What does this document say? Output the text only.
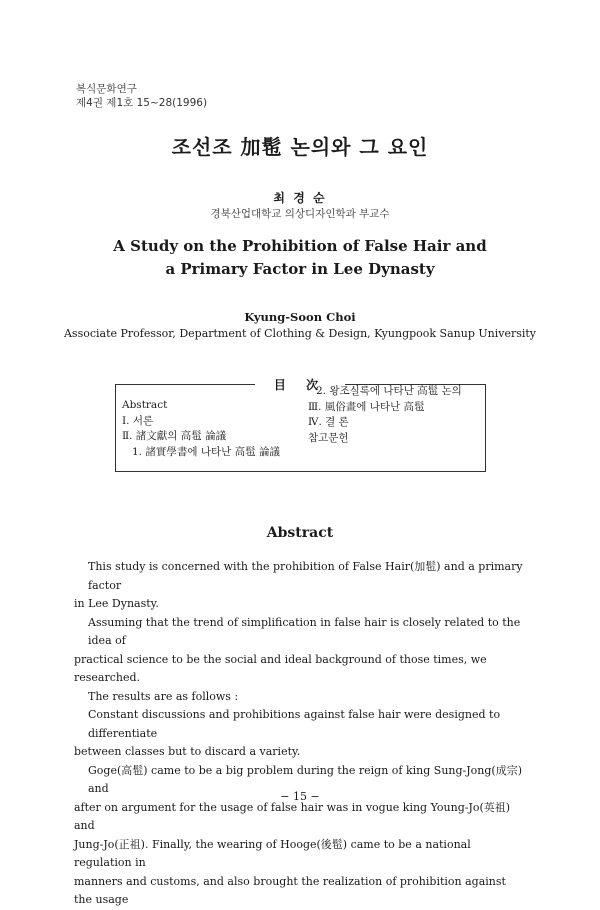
복식문화연구
제4권 제1호 15~28(1996)
조선조 加髢 논의와 그 요인
최 경 순
경북산업대학교 의상디자인학과 부교수
A Study on the Prohibition of False Hair and
a Primary Factor in Lee Dynasty
Kyung-Soon Choi
Associate Professor, Department of Clothing & Design, Kyungpook Sanup University
目 次
Abstract
Ⅰ. 서론
Ⅱ. 諸文獻의 高髢 論議
1. 諸實學書에 나타난 高髢 論議
2. 왕조실록에 나타난 高髢 논의
Ⅲ. 風俗畫에 나타난 高髢
Ⅳ. 결 론
참고문헌
Abstract

This study is concerned with the prohibition of False Hair(加髢) and a primary factor
in Lee Dynasty.
Assuming that the trend of simplification in false hair is closely related to the idea of
practical science to be the social and ideal background of those times, we researched.
The results are as follows :
Constant discussions and prohibitions against false hair were designed to differentiate
between classes but to discard a variety.
Goge(高髢) came to be a big problem during the reign of king Sung-Jong(成宗) and
after on argument for the usage of false hair was in vogue king Young-Jo(英祖) and
Jung-Jo(正祖). Finally, the wearing of Hooge(後髢) came to be a national regulation in
manners and customs, and also brought the realization of prohibition against the usage
− 15 −
